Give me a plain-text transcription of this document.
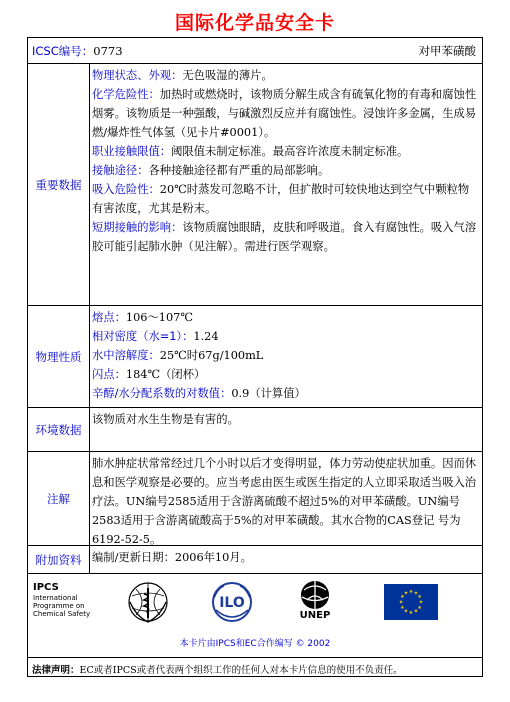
国际化学品安全卡
ICSC编号：0773	对甲苯磺酸
重要数据
物理状态、外观：无色吸湿的薄片。
化学危险性：加热时或燃烧时，该物质分解生成含有硫氧化物的有毒和腐蚀性烟雾。该物质是一种强酸，与碱激烈反应并有腐蚀性。浸蚀许多金属，生成易燃/爆炸性气体氢（见卡片#0001）。
职业接触限值：阈限值未制定标准。最高容许浓度未制定标准。
接触途径：各种接触途径都有严重的局部影响。
吸入危险性：20℃时蒸发可忽略不计，但扩散时可较快地达到空气中颗粒物有害浓度，尤其是粉末。
短期接触的影响：该物质腐蚀眼睛，皮肤和呼吸道。食入有腐蚀性。吸入气溶胶可能引起肺水肿（见注解）。需进行医学观察。
物理性质
熔点：106～107℃
相对密度（水=1）：1.24
水中溶解度：25℃时67g/100mL
闪点：184℃（闭杯）
辛醇/水分配系数的对数值：0.9（计算值）
环境数据
该物质对水生生物是有害的。
注解
肺水肿症状常常经过几个小时以后才变得明显，体力劳动使症状加重。因而休息和医学观察是必要的。应当考虑由医生或医生指定的人立即采取适当吸入治疗法。UN编号2585适用于含游离硫酸不超过5%的对甲苯磺酸。UN编号2583适用于含游离硫酸高于5%的对甲苯磺酸。其水合物的CAS登记 号为6192-52-5。
附加资料 编制/更新日期：2006年10月。
IPCS
International
Programme on
Chemical Safety
ILO
UNEP
★ ★
★
★
★
★
★
★
★
★
★
★
本卡片由IPCS和EC合作编写 © 2002
法律声明：EC或者IPCS或者代表两个组织工作的任何人对本卡片信息的使用不负责任。
